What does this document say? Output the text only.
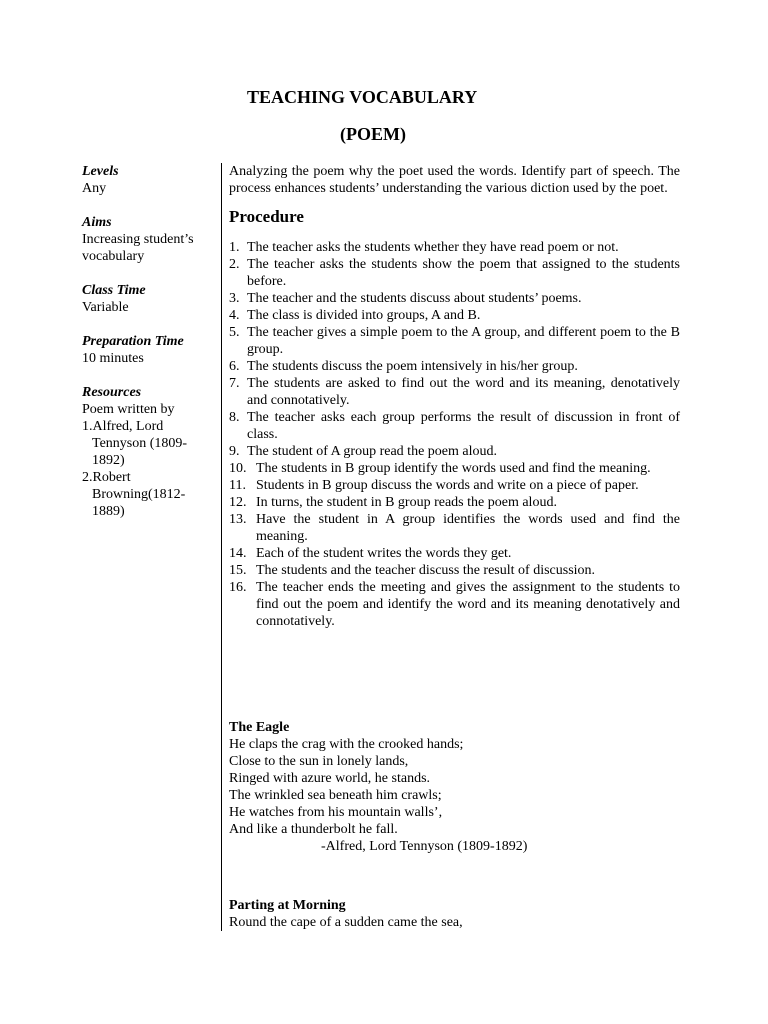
TEACHING VOCABULARY
(POEM)
Levels
Any
Aims
Increasing student’s
vocabulary
Class Time
Variable
Preparation Time
10 minutes
Resources
Poem written by
1.Alfred, Lord
Tennyson (1809-
1892)
2.Robert
Browning(1812-
1889)

Analyzing the poem why the poet used the words. Identify part of speech. The process enhances students’ understanding the various diction used by the poet.

Procedure
1. The teacher asks the students whether they have read poem or not.
2. The teacher asks the students show the poem that assigned to the students before.
3. The teacher and the students discuss about students’ poems.
4. The class is divided into groups, A and B.
5. The teacher gives a simple poem to the A group, and different poem to the B group.
6. The students discuss the poem intensively in his/her group.
7. The students are asked to find out the word and its meaning, denotatively and connotatively.
8. The teacher asks each group performs the result of discussion in front of class.
9. The student of A group read the poem aloud.
10. The students in B group identify the words used and find the meaning.
11. Students in B group discuss the words and write on a piece of paper.
12. In turns, the student in B group reads the poem aloud.
13. Have the student in A group identifies the words used and find the meaning.
14. Each of the student writes the words they get.
15. The students and the teacher discuss the result of discussion.
16. The teacher ends the meeting and gives the assignment to the students to find out the poem and identify the word and its meaning denotatively and connotatively.
The Eagle
He claps the crag with the crooked hands;
Close to the sun in lonely lands,
Ringed with azure world, he stands.
The wrinkled sea beneath him crawls;
He watches from his mountain walls’,
And like a thunderbolt he fall.
-Alfred, Lord Tennyson (1809-1892)
Parting at Morning
Round the cape of a sudden came the sea,
